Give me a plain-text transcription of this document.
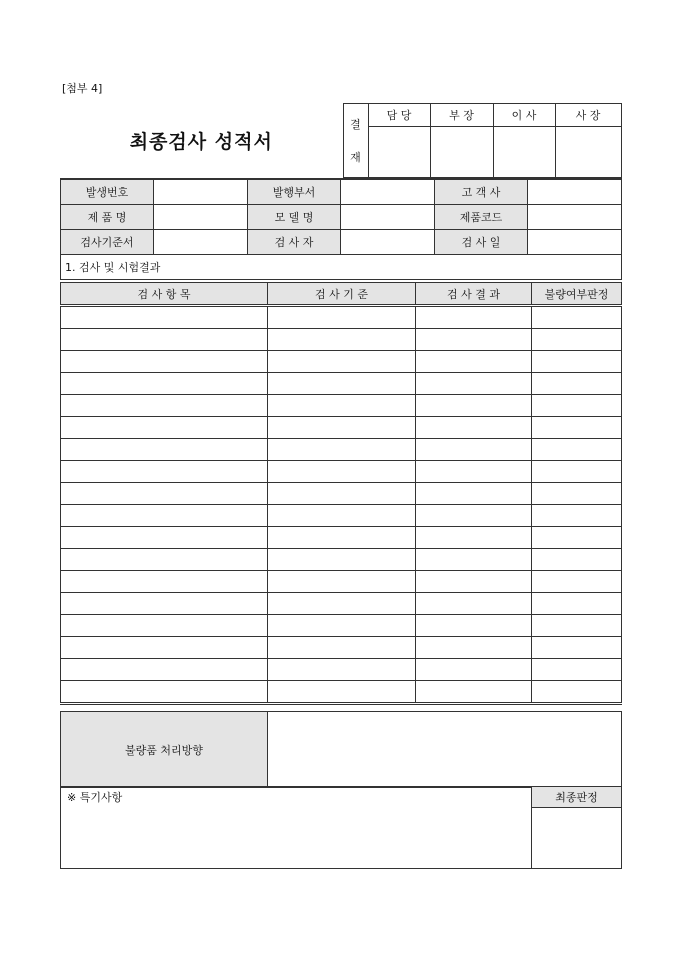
[첨부 4]
최종검사 성적서	결
재	담 당	부 장	이 사	사 장

발생번호		발행부서		고 객 사	
제 품 명		모 델 명		제품코드	
검사기준서		검 사 자		검 사 일	
1. 검사 및 시험결과					
검 사 항 목	검 사 기 준	검 사 결 과	불량여부판정

불량품 처리방향	
※ 특기사항	최종판정
